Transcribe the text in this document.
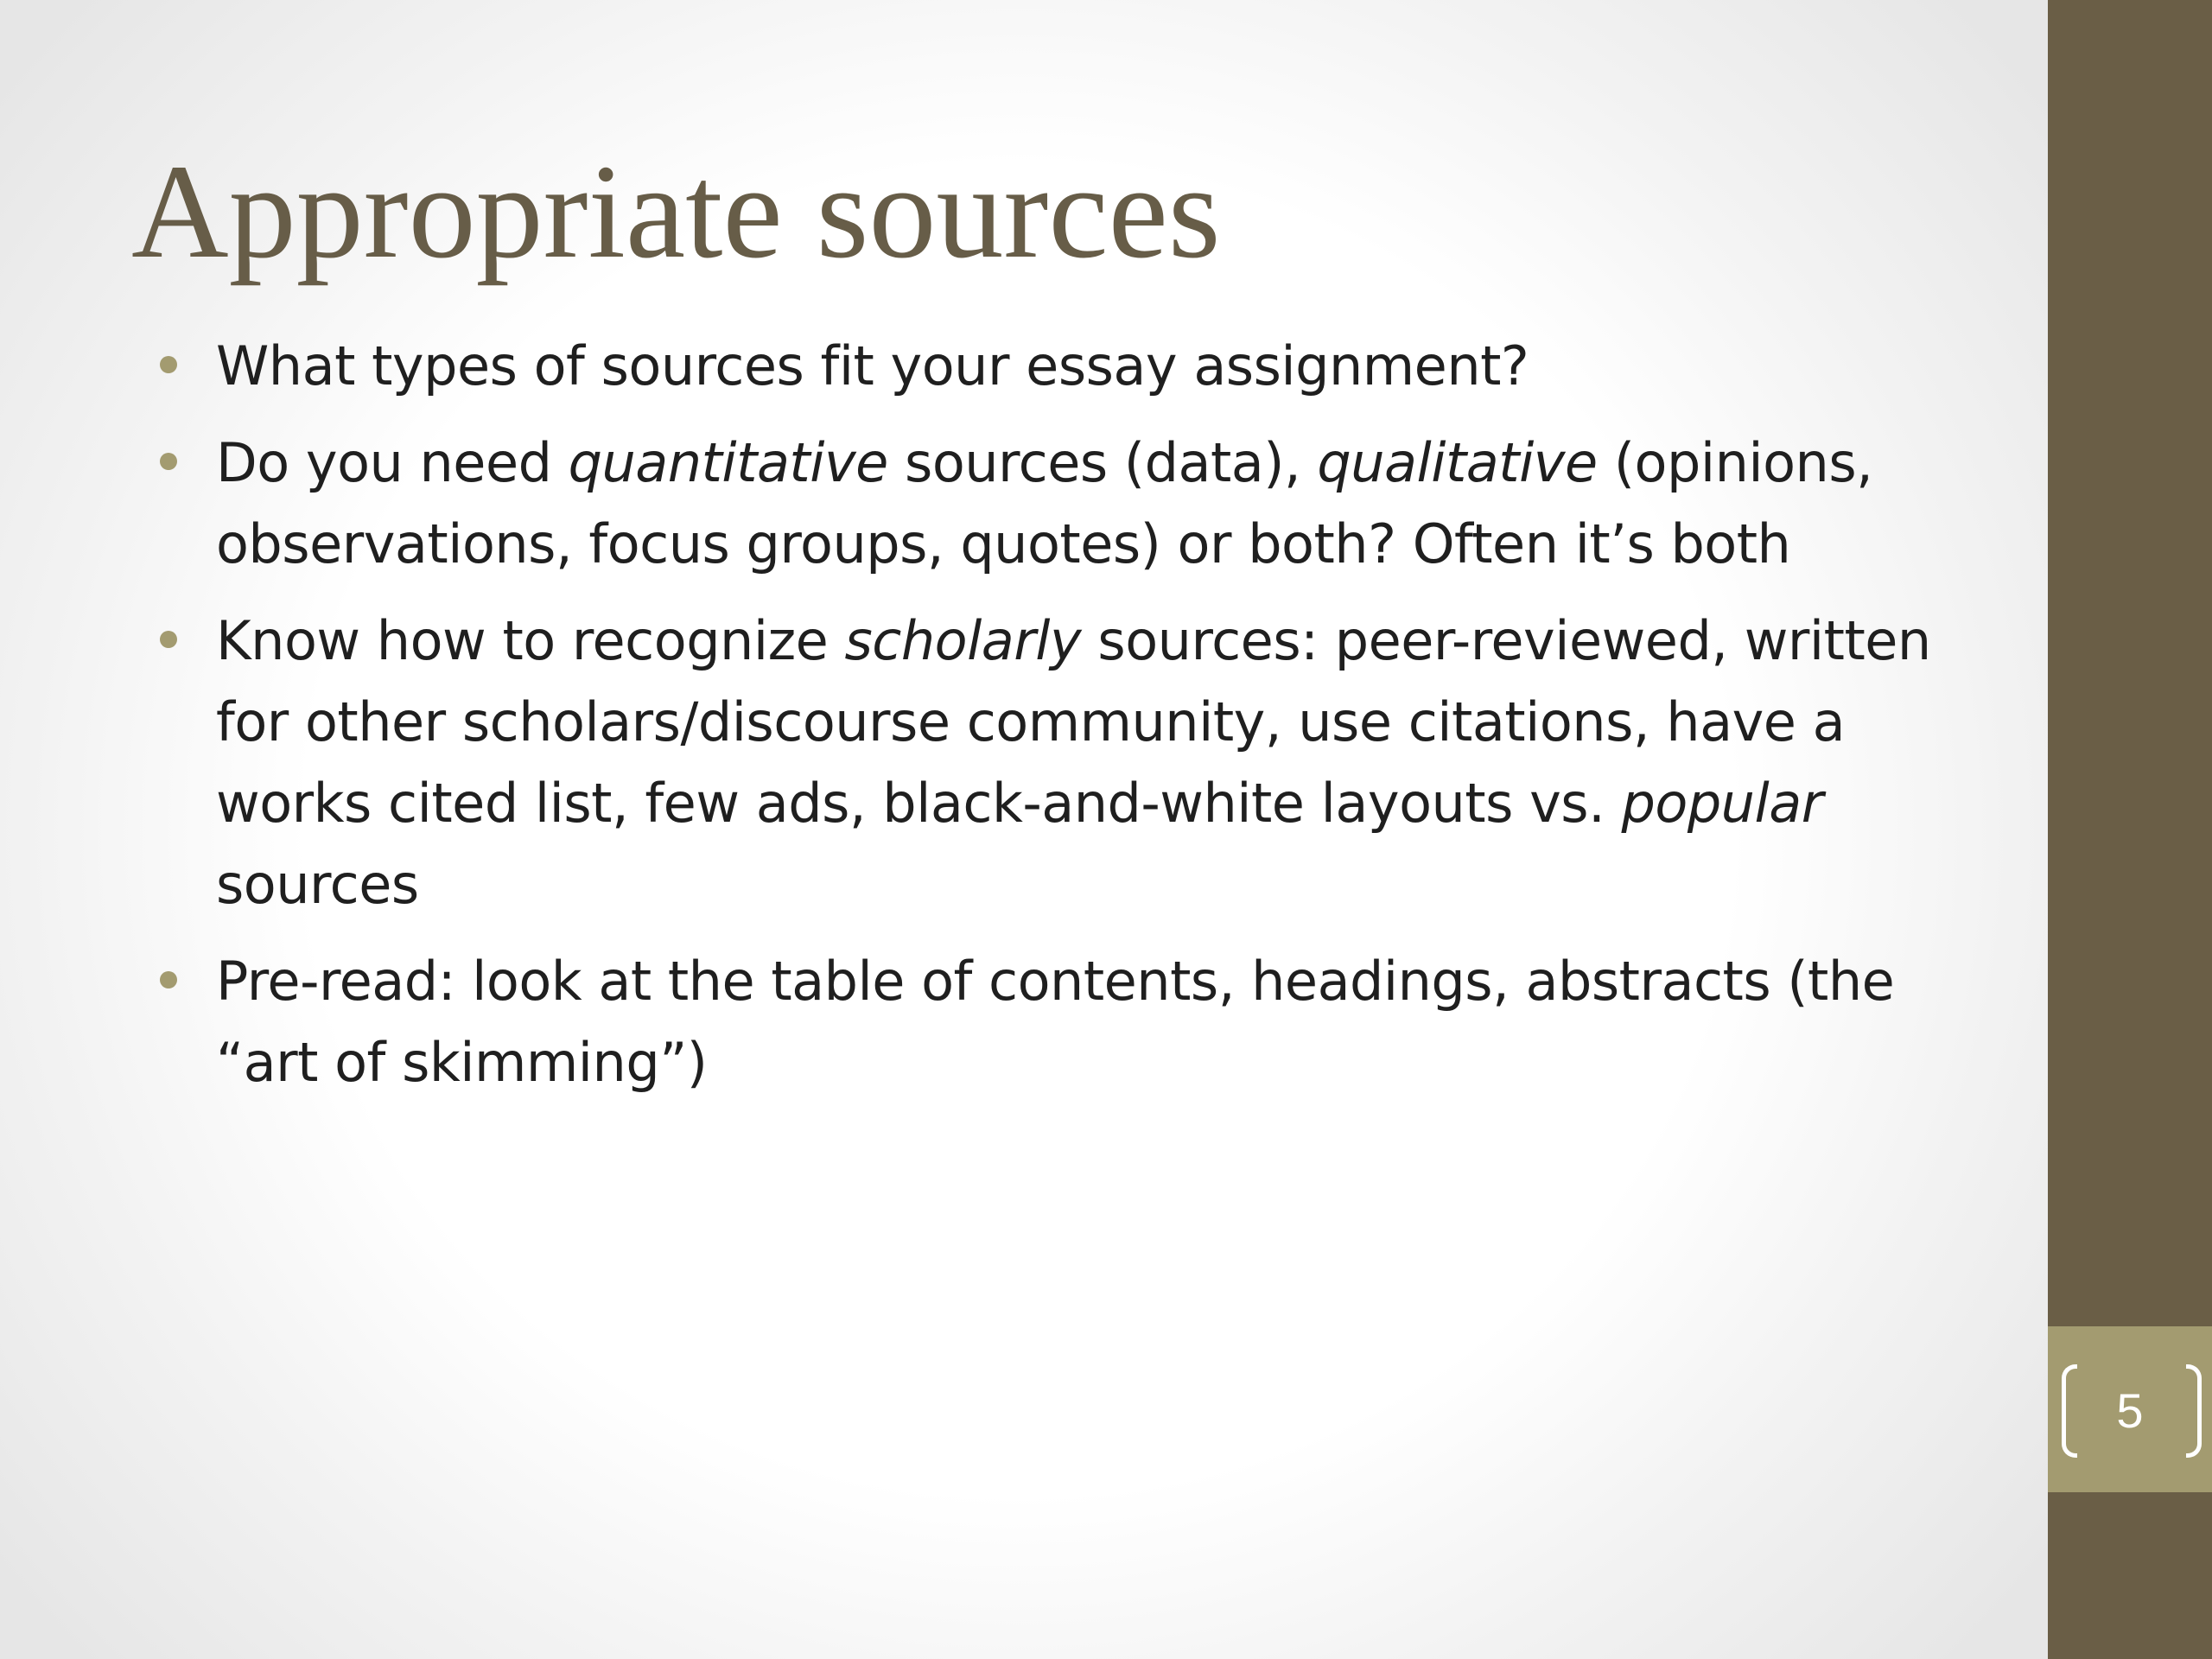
5
Appropriate sources
What types of sources fit your essay assignment?
Do you need quantitative sources (data), qualitative (opinions, observations, focus groups, quotes) or both? Often it’s both
Know how to recognize scholarly sources: peer-reviewed, written for other scholars/discourse community, use citations, have a works cited list, few ads, black-and-white layouts vs. popular sources
Pre-read: look at the table of contents, headings, abstracts (the “art of skimming”)
